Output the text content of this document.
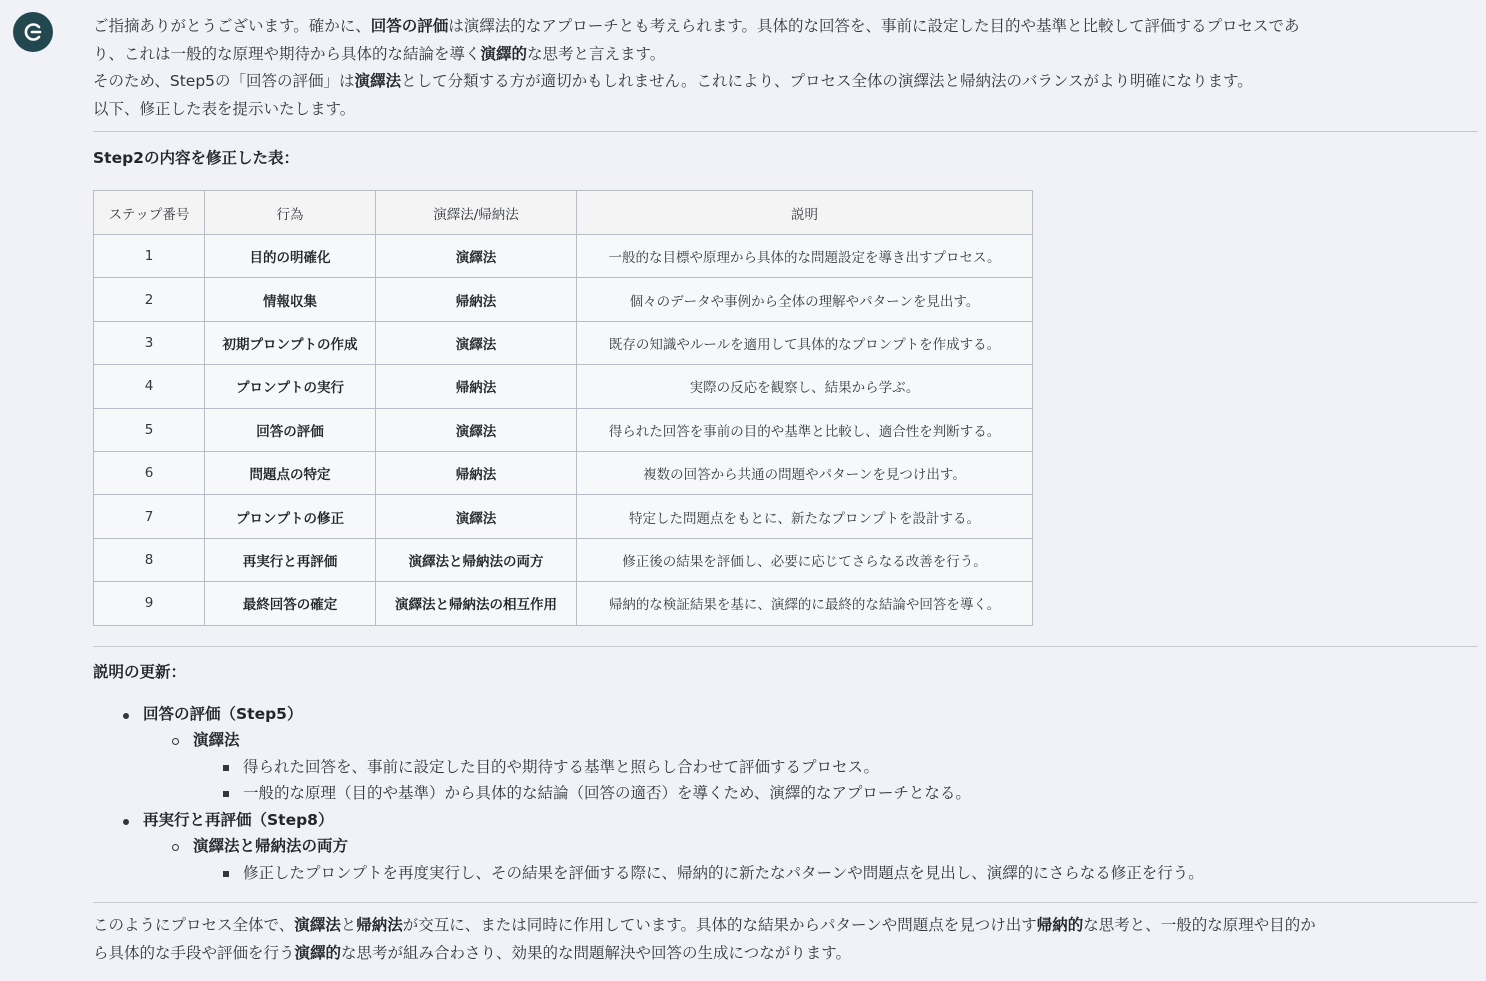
ご指摘ありがとうございます。確かに、回答の評価は演繹法的なアプローチとも考えられます。具体的な回答を、事前に設定した目的や基準と比較して評価するプロセスであ
り、これは一般的な原理や期待から具体的な結論を導く演繹的な思考と言えます。

そのため、Step5の「回答の評価」は演繹法として分類する方が適切かもしれません。これにより、プロセス全体の演繹法と帰納法のバランスがより明確になります。

以下、修正した表を提示いたします。

Step2の内容を修正した表：

ステップ番号	行為	演繹法/帰納法	説明
1	目的の明確化	演繹法	一般的な目標や原理から具体的な問題設定を導き出すプロセス。
2	情報収集	帰納法	個々のデータや事例から全体の理解やパターンを見出す。
3	初期プロンプトの作成	演繹法	既存の知識やルールを適用して具体的なプロンプトを作成する。
4	プロンプトの実行	帰納法	実際の反応を観察し、結果から学ぶ。
5	回答の評価	演繹法	得られた回答を事前の目的や基準と比較し、適合性を判断する。
6	問題点の特定	帰納法	複数の回答から共通の問題やパターンを見つけ出す。
7	プロンプトの修正	演繹法	特定した問題点をもとに、新たなプロンプトを設計する。
8	再実行と再評価	演繹法と帰納法の両方	修正後の結果を評価し、必要に応じてさらなる改善を行う。
9	最終回答の確定	演繹法と帰納法の相互作用	帰納的な検証結果を基に、演繹的に最終的な結論や回答を導く。

説明の更新：

回答の評価（Step5）
演繹法
得られた回答を、事前に設定した目的や期待する基準と照らし合わせて評価するプロセス。
一般的な原理（目的や基準）から具体的な結論（回答の適否）を導くため、演繹的なアプローチとなる。
再実行と再評価（Step8）
演繹法と帰納法の両方
修正したプロンプトを再度実行し、その結果を評価する際に、帰納的に新たなパターンや問題点を見出し、演繹的にさらなる修正を行う。

このようにプロセス全体で、演繹法と帰納法が交互に、または同時に作用しています。具体的な結果からパターンや問題点を見つけ出す帰納的な思考と、一般的な原理や目的か
ら具体的な手段や評価を行う演繹的な思考が組み合わさり、効果的な問題解決や回答の生成につながります。
